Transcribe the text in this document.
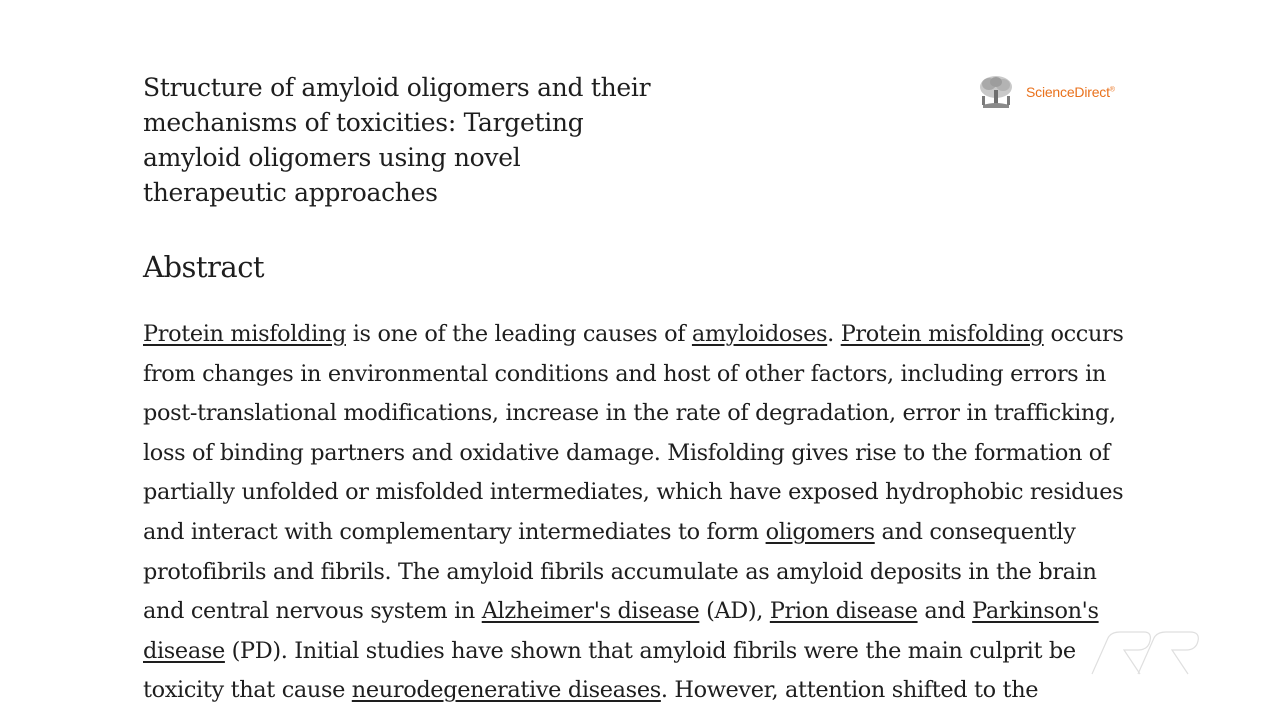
Structure of amyloid oligomers and their
mechanisms of toxicities: Targeting
amyloid oligomers using novel
therapeutic approaches
ScienceDirect®
Abstract
Protein misfolding is one of the leading causes of amyloidoses. Protein misfolding occurs
from changes in environmental conditions and host of other factors, including errors in
post-translational modifications, increase in the rate of degradation, error in trafficking,
loss of binding partners and oxidative damage. Misfolding gives rise to the formation of
partially unfolded or misfolded intermediates, which have exposed hydrophobic residues
and interact with complementary intermediates to form oligomers and consequently
protofibrils and fibrils. The amyloid fibrils accumulate as amyloid deposits in the brain
and central nervous system in Alzheimer's disease (AD), Prion disease and Parkinson's
disease (PD). Initial studies have shown that amyloid fibrils were the main culprit be
toxicity that cause neurodegenerative diseases. However, attention shifted to the
